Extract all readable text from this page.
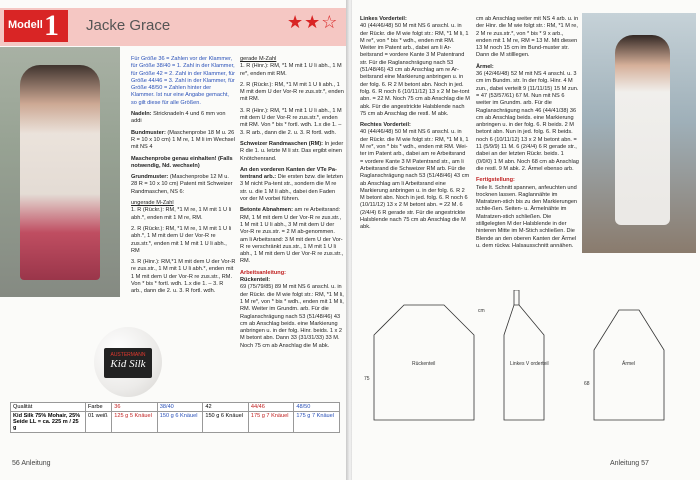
Modell 1 Jacke Grace	★★☆
AUSTERMANN
Kid Silk

Für Größe 36 = Zahlen vor der Klammer, für Größe 38/40 = 1. Zahl in der Klammer, für Größe 42 = 2. Zahl in der Klammer, für Größe 44/46 = 3. Zahl in der Klammer, für Größe 48/50 = Zahlen hinter der Klammer. Ist nur eine Angabe gemacht, so gilt diese für alle Größen.

Nadeln: Stricknadeln 4 und 6 mm von addi

Bundmuster: (Maschenprobe 18 M u. 26 R = 10 x 10 cm) 1 M re, 1 M li im Wechsel mit NS 4

Maschenprobe genau einhalten! (Falls notwendig, Nd. wechseln)

Grundmuster: (Maschenprobe 12 M u. 28 R = 10 x 10 cm) Patent mit Schweizer Randmaschen, NS 6:

ungerade M-Zahl

1. R (Rückr.): RM, *1 M re, 1 M mit 1 U li abh.*, enden mit 1 M re, RM.

2. R (Rückr.): RM, *1 M re, 1 M mit 1 U li abh.*, 1 M mit dem U der Vor-R re zus.str.*, enden mit 1 M mit 1 U li abh., RM

3. R (Hinr.): RM,*1 M mit dem U der Vor-R re zus.str., 1 M mit 1 U li abh.*, enden mit 1 M mit dem U der Vor-R re zus.str., RM. Von * bis * fortl. wdh. 1.x die 1. – 3. R arb., dann die 2. u. 3. R fortl. wdh.

gerade M-Zahl

1. R (Hinr.): RM, *1 M mit 1 U li abh., 1 M re*, enden mit RM.

2. R (Rückr.): RM, *1 M mit 1 U li abh., 1 M mit dem U der Vor-R re zus.str.*, enden mit RM.

3. R (Hinr.): RM, *1 M mit 1 U li abh., 1 M mit dem U der Vor-R re zus.str.*, enden mit RM. Von * bis * fortl. wdh. 1.x die 1. – 3. R arb., dann die 2. u. 3. R fortl. wdh.

Schweizer Randmaschen (RM): In jeder R die 1. u. letzte M li str. Das ergibt einen Knötchenrand.

An den vorderen Kanten der VTe Pa-tentrand arb.: Die ersten bzw. die letzten 3 M nicht Pa-tent str., sondern die M re str. u. die 1 M li abh., dabei den Faden vor der M vorbei führen.

Betonte Abnahmen: am re Arbeitsrand: RM, 1 M mit dem U der Vor-R re zus.str., 1 M mit 1 U li abh., 3 M mit dem U der Vor-R re zus.str. = 2 M ab-genommen. am li Arbeitsrand: 3 M mit dem U der Vor-R re verschränkt zus.str., 1 M mit 1 U li abh., 1 M mit dem U der Vor-R re zus.str., RM.

Arbeitsanleitung:

Rückenteil:

69 (75/79/85) 89 M mit NS 6 anschl. u. in der Rückr. die M wie folgt str.: RM, *1 M li, 1 M re*, von * bis * wdh., enden mit 1 M li, RM. Weiter im Grundm. arb. Für die Raglanschrägung nach 53 (51/48/46) 43 cm ab Anschlag beids. eine Markierung anbringen u. in der folg. Hinr. beids. 1 x 2 M betont abn. Dann 33 (31/31/33) 33 M. Noch 75 cm ab Anschlag die M abk.

Qualität	Farbe	36	38/40	42	44/46	48/50
Kid Silk 75% Mohair, 25% Seide LL = ca. 225 m / 25 g	01 weiß	125 g 5 Knäuel	150 g 6 Knäuel	150 g 6 Knäuel	175 g 7 Knäuel	175 g 7 Knäuel
56 Anleitung

Linkes Vorderteil:

40 (44/46/48) 50 M mit NS 6 anschl. u. in der Rückr. die M wie folgt str.: RM, *1 M li, 1 M re*, von * bis * wdh., enden mit RM. Weiter im Patent arb., dabei am li Ar-beitsrand = vordere Kante 3 M Patentrand str. Für die Raglanschrägung nach 53 (51/48/46) 43 cm ab Anschlag am re Ar-beitsrand eine Markierung anbringen u. in der folg. 6. R 2 M betont abn. Noch in jed. folg. 6. R noch 6 (10/11/12) 13 x 2 M be-tont abn. = 22 M. Noch 75 cm ab Anschlag die M abk. Für die angestrickte Halsblende nach 75 cm ab Anschlag die restl. M abk.

Rechtes Vorderteil:

40 (44/46/48) 50 M mit NS 6 anschl. u. in der Rückr. die M wie folgt str.: RM, *1 M li, 1 M re*, von * bis * wdh., enden mit RM. Wei-ter im Patent arb., dabei am re Arbeitsrand = vordere Kante 3 M Patentrand str., am li Arbeitsrand die Schweizer RM arb. Für die Raglanschrägung nach 53 (51/48/46) 43 cm ab Anschlag am li Arbeitsrand eine Markierung anbringen u. in der folg. 6. R 2 M betont abn. Noch in jed. folg. 6. R noch 6 (10/11/12) 13 x 2 M betont abn. = 22 M. 6 (2/4/4) 6 R gerade str. Für die angestrickte Halsblende nach 75 cm ab Anschlag die M abk.

cm ab Anschlag weiter mit NS 4 arb. u. in der Hinr. die M wie folgt str.: RM, *1 M re, 2 M re zus.str.*, von * bis * 9 x arb., enden mit 1 M re, RM = 13 M. Mit diesen 13 M noch 15 cm im Bund-muster str. Dann die M stilllegen.

Ärmel:

36 (42/46/48) 52 M mit NS 4 anschl. u. 3 cm im Bundm. str. In der folg. Hinr. 4 M zun., dabei verteilt 9 (11/11/15) 15 M zun. = 47 (53/57/61) 67 M. Nun mit NS 6 weiter im Grundm. arb. Für die Raglanschrägung nach 46 (44/41/38) 36 cm ab Anschlag beids. eine Markierung anbringen u. in der folg. 6. R beids. 2 M betont abn. Nun in jed. folg. 6. R beids. noch 6 (10/11/12) 13 x 2 M betont abn. = 11 (5/9/9) 11 M. 6 (2/4/4) 6 R gerade str., dabei an der letzten Rückr. beids. 1 (0/0/0) 1 M abn. Noch 68 cm ab Anschlag die restl. 9 M abk. 2. Ärmel ebenso arb.

Fertigstellung:

Teile lt. Schnitt spannen, anfeuchten und trocknen lassen. Raglannähte im Matratzen-stich bis zu den Markierungen schlie-ßen. Seiten- u. Ärmelnähte im Matratzen-stich schließen. Die stillgelegten M der Halsblende in der hinteren Mitte im M-Stich schließen. Die Blende an den oberen Kanten der Ärmel u. dem rückw. Halsausschnitt annähen.

Anleitung 57
Rückenteil	Linkes V orderteil	Ärmel
cm
75
68
